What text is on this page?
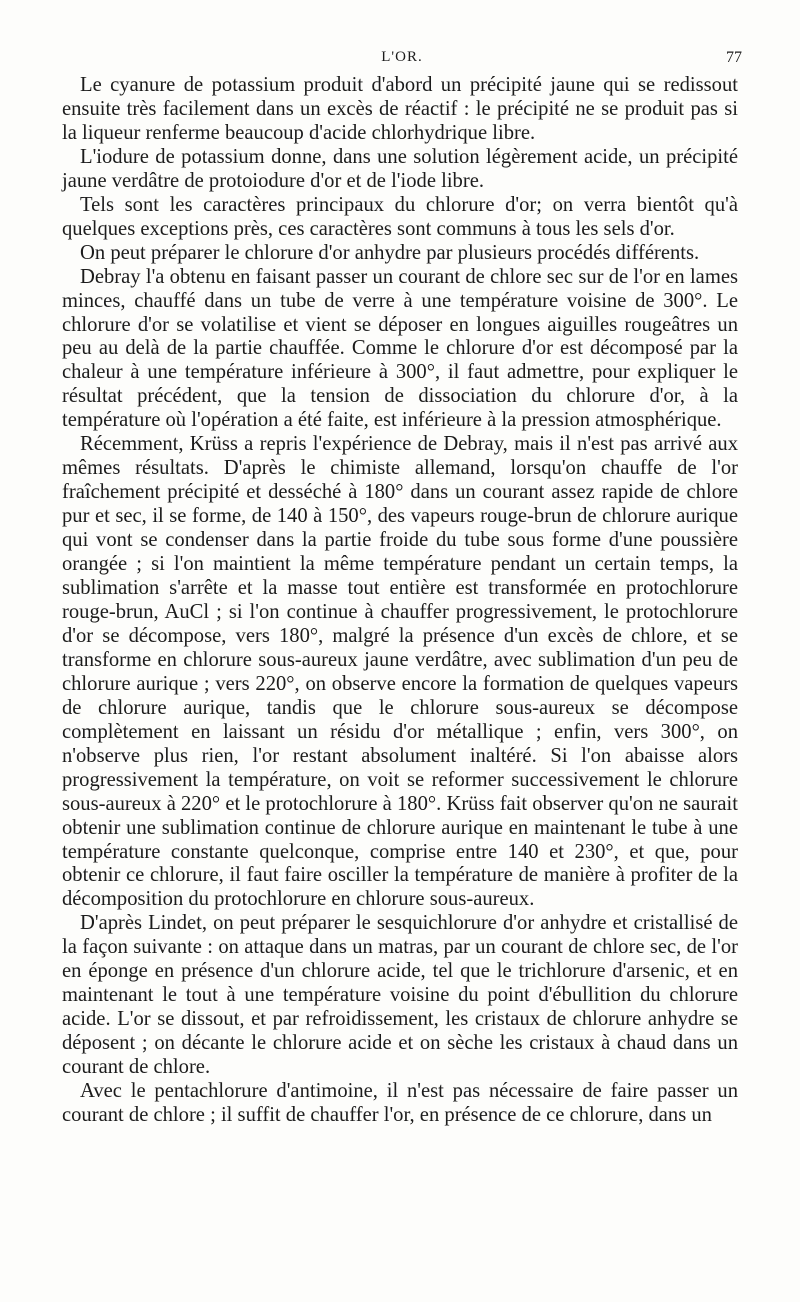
L'OR.	77

Le cyanure de potassium produit d'abord un précipité jaune qui se redissout ensuite très facilement dans un excès de réactif : le précipité ne se produit pas si la liqueur renferme beaucoup d'acide chlorhydrique libre.

L'iodure de potassium donne, dans une solution légèrement acide, un précipité jaune verdâtre de protoiodure d'or et de l'iode libre.

Tels sont les caractères principaux du chlorure d'or; on verra bientôt qu'à quelques exceptions près, ces caractères sont communs à tous les sels d'or.

On peut préparer le chlorure d'or anhydre par plusieurs procédés différents.

Debray l'a obtenu en faisant passer un courant de chlore sec sur de l'or en lames minces, chauffé dans un tube de verre à une température voisine de 300°. Le chlorure d'or se volatilise et vient se déposer en longues aiguilles rougeâtres un peu au delà de la partie chauffée. Comme le chlorure d'or est décomposé par la chaleur à une température inférieure à 300°, il faut admettre, pour expliquer le résultat précédent, que la tension de dissociation du chlorure d'or, à la température où l'opération a été faite, est inférieure à la pression atmosphérique.

Récemment, Krüss a repris l'expérience de Debray, mais il n'est pas arrivé aux mêmes résultats. D'après le chimiste allemand, lorsqu'on chauffe de l'or fraîchement précipité et desséché à 180° dans un courant assez rapide de chlore pur et sec, il se forme, de 140 à 150°, des vapeurs rouge-brun de chlorure aurique qui vont se condenser dans la partie froide du tube sous forme d'une poussière orangée ; si l'on maintient la même température pendant un certain temps, la sublimation s'arrête et la masse tout entière est transformée en protochlorure rouge-brun, AuCl ; si l'on continue à chauffer progressivement, le protochlorure d'or se décompose, vers 180°, malgré la présence d'un excès de chlore, et se transforme en chlorure sous-aureux jaune verdâtre, avec sublimation d'un peu de chlorure aurique ; vers 220°, on observe encore la formation de quelques vapeurs de chlorure aurique, tandis que le chlorure sous-aureux se décompose complètement en laissant un résidu d'or métallique ; enfin, vers 300°, on n'observe plus rien, l'or restant absolument inaltéré. Si l'on abaisse alors progressivement la température, on voit se reformer successivement le chlorure sous-aureux à 220° et le protochlorure à 180°. Krüss fait observer qu'on ne saurait obtenir une sublimation continue de chlorure aurique en maintenant le tube à une température constante quelconque, comprise entre 140 et 230°, et que, pour obtenir ce chlorure, il faut faire osciller la température de manière à profiter de la décomposition du protochlorure en chlorure sous-aureux.

D'après Lindet, on peut préparer le sesquichlorure d'or anhydre et cristallisé de la façon suivante : on attaque dans un matras, par un courant de chlore sec, de l'or en éponge en présence d'un chlorure acide, tel que le trichlorure d'arsenic, et en maintenant le tout à une température voisine du point d'ébullition du chlorure acide. L'or se dissout, et par refroidissement, les cristaux de chlorure anhydre se déposent ; on décante le chlorure acide et on sèche les cristaux à chaud dans un courant de chlore.

Avec le pentachlorure d'antimoine, il n'est pas nécessaire de faire passer un courant de chlore ; il suffit de chauffer l'or, en présence de ce chlorure, dans un
